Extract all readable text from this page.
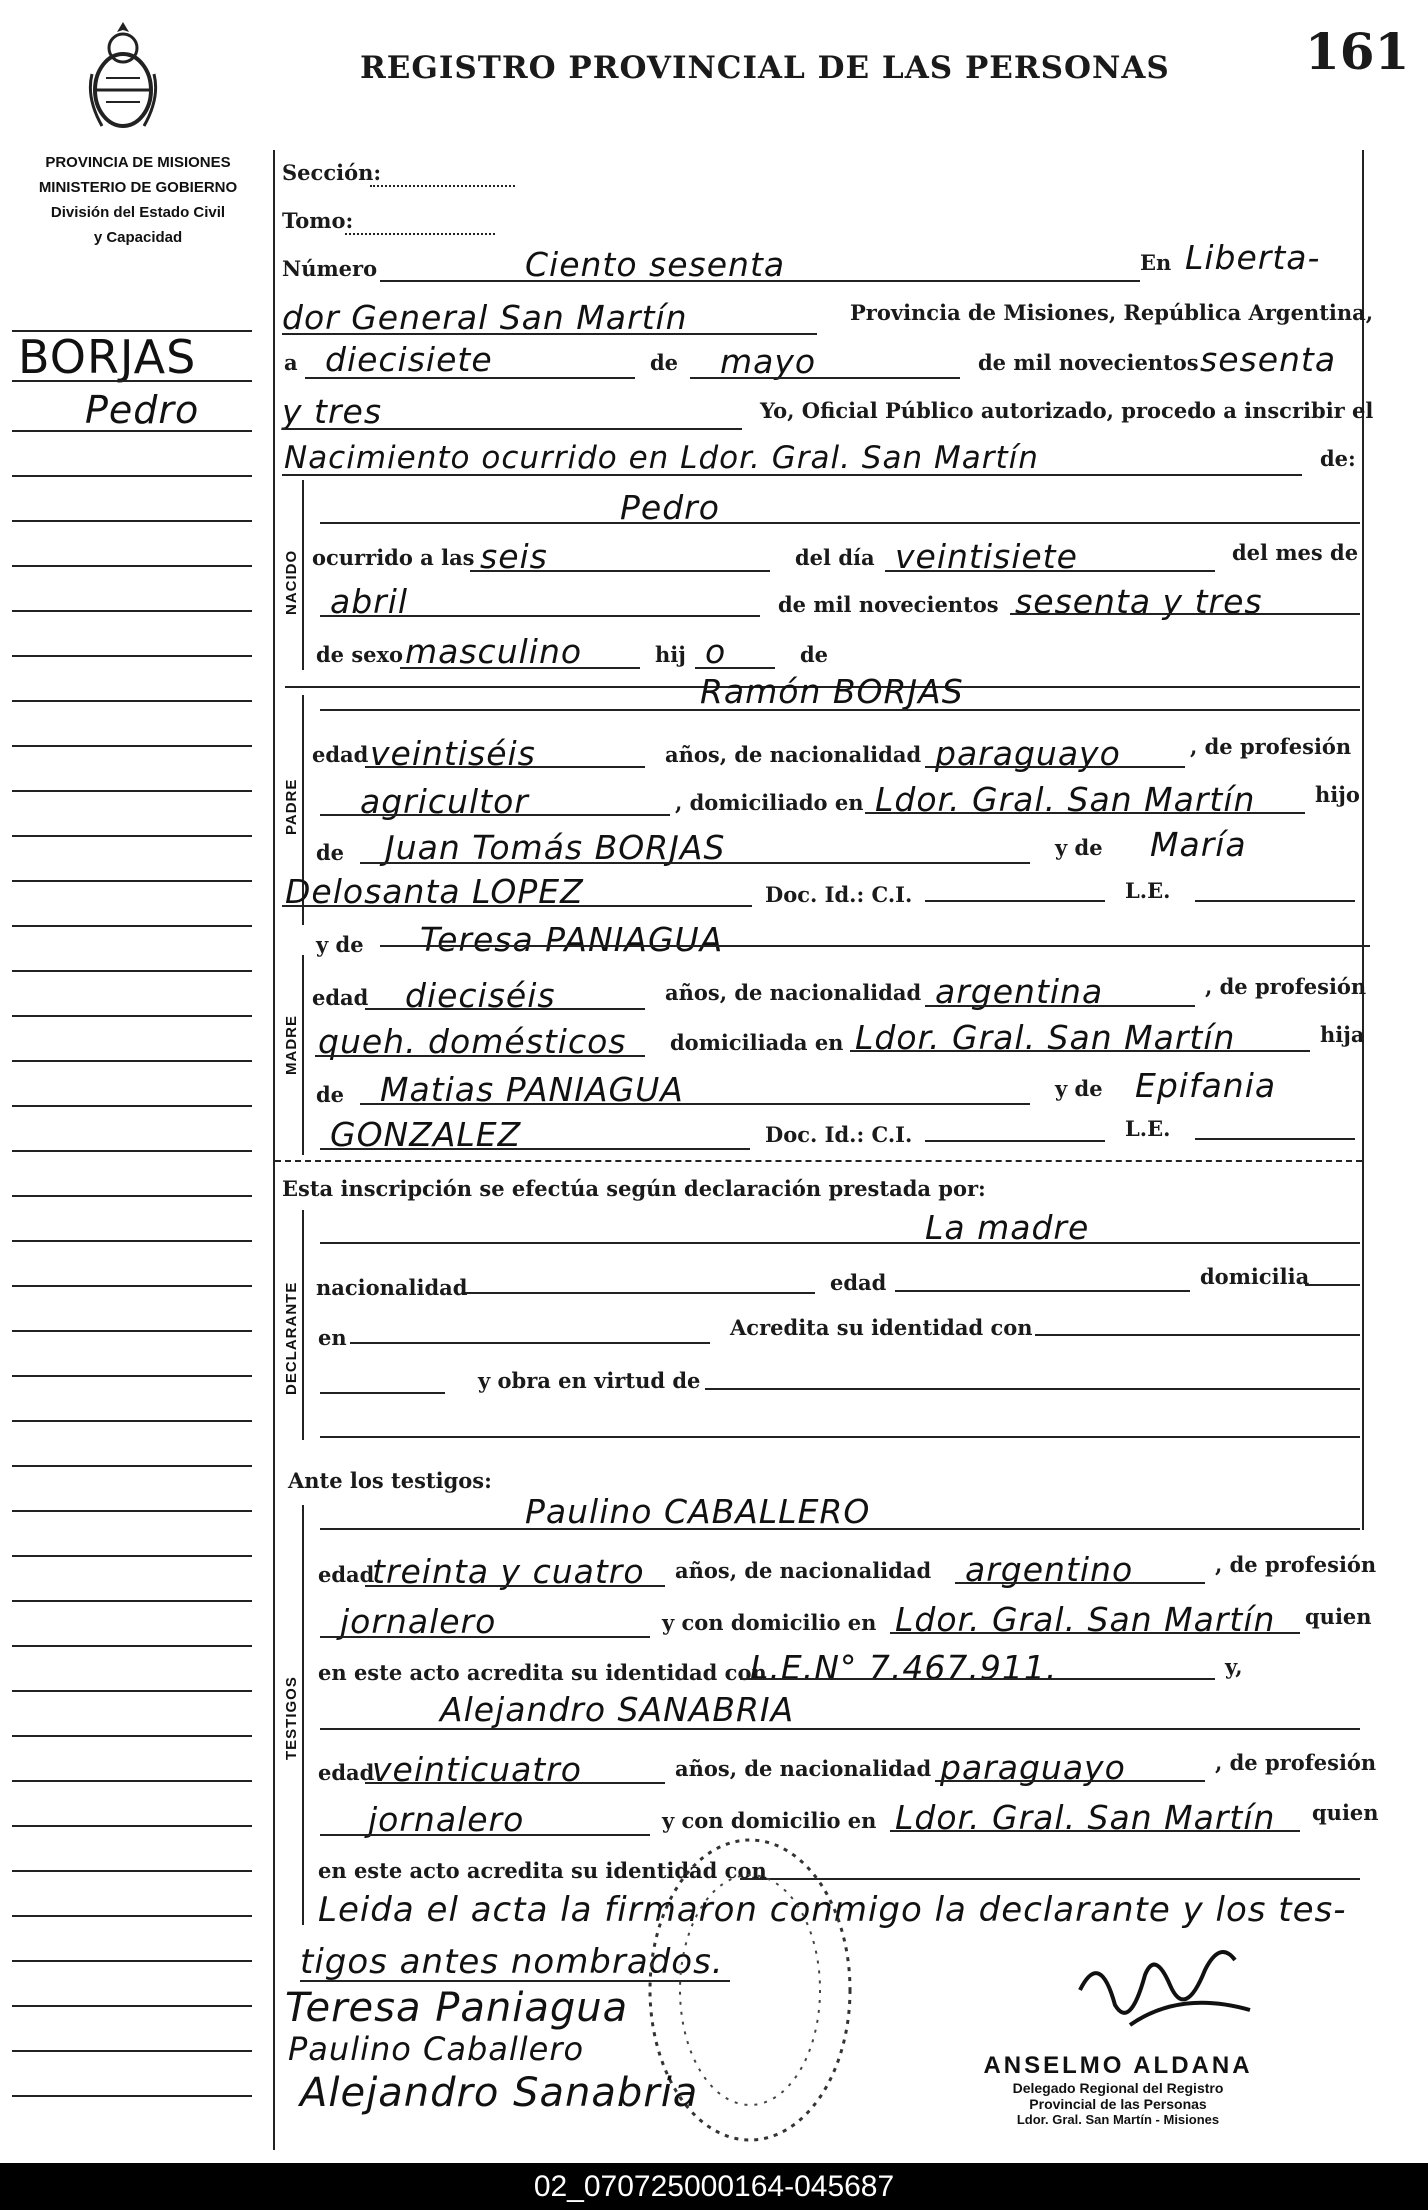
REGISTRO PROVINCIAL DE LAS PERSONAS	161
PROVINCIA DE MISIONES
MINISTERIO DE GOBIERNO
División del Estado Civil
y Capacidad
BORJAS
Pedro
Sección:
Tomo:
Número	Ciento sesenta	En Liberta-
dor General San Martín	Provincia de Misiones, República Argentina,
a diecisiete	de mayo	de mil novecientos sesenta
y tres	Yo, Oficial Público autorizado, procedo a inscribir el
Nacimiento ocurrido en Ldor. Gral. San Martín	de:
NACIDO
Pedro
ocurrido a las seis	del día veintisiete	del mes de
abril	de mil novecientos sesenta y tres
de sexo masculino	hij o	de
PADRE
Ramón BORJAS
edad veintiséis	años, de nacionalidad paraguayo	, de profesión
agricultor	, domiciliado en Ldor. Gral. San Martín	hijo
de Juan Tomás BORJAS	y de María
Delosanta LOPEZ	Doc. Id.: C.I.	L.E.
y de Teresa PANIAGUA
MADRE
edad dieciséis	años, de nacionalidad argentina	, de profesión
queh. domésticos domiciliada en Ldor. Gral. San Martín	hija
de Matias PANIAGUA	y de Epifania
GONZALEZ	Doc. Id.: C.I.	L.E.
Esta inscripción se efectúa según declaración prestada por:
DECLARANTE
La madre
nacionalidad	edad	domicilia
en	Acredita su identidad con
y obra en virtud de
Ante los testigos:
TESTIGOS
Paulino CABALLERO
edad
treinta y cuatro años, de nacionalidad argentino	, de profesión
jornalero	y con domicilio en Ldor. Gral. San Martín quien
en este acto acredita su identidad con
L.E.N° 7.467.911.	y,
Alejandro SANABRIA
edad
veinticuatro	años, de nacionalidad paraguayo	, de profesión
jornalero	y con domicilio en Ldor. Gral. San Martín quien
en este acto acredita su identidad con
Leida el acta la firmaron conmigo la declarante y los tes-
tigos antes nombrados.
Teresa Paniagua
Paulino Caballero
Alejandro Sanabria
ANSELMO ALDANA
Delegado Regional del Registro
Provincial de las Personas
Ldor. Gral. San Martín - Misiones
02_070725000164-045687
